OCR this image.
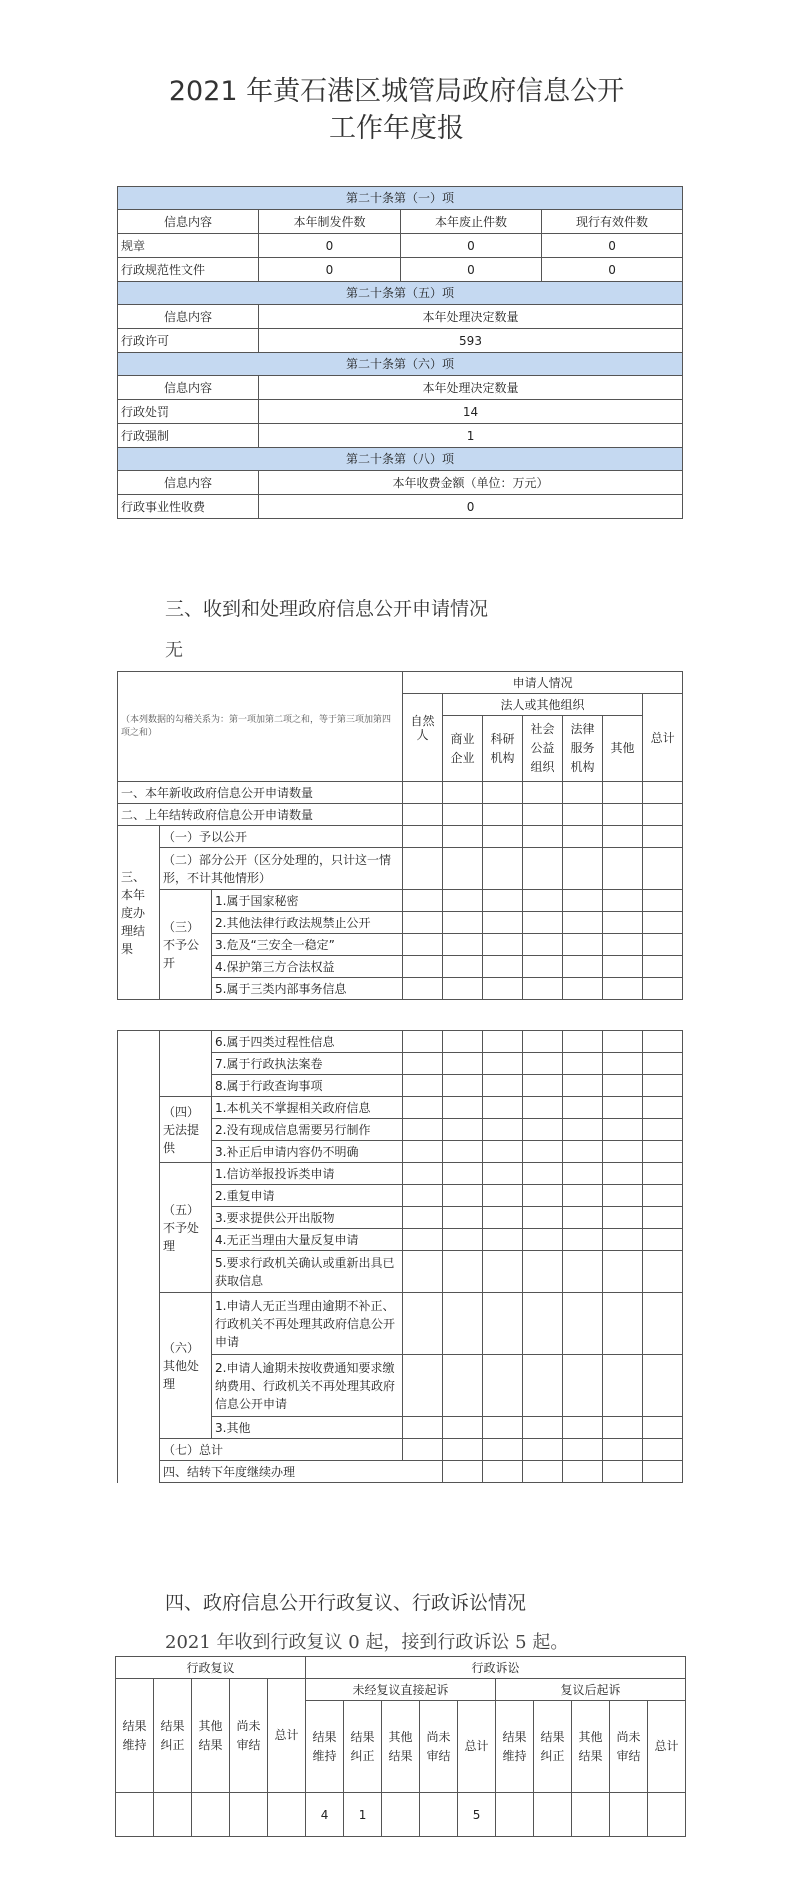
2021 年黄石港区城管局政府信息公开
工作年度报
第二十条第（一）项			
信息内容	本年制发件数	本年废止件数	现行有效件数
规章	0	0	0
行政规范性文件	0	0	0
第二十条第（五）项			
信息内容	本年处理决定数量		
行政许可	593		
第二十条第（六）项			
信息内容	本年处理决定数量		
行政处罚	14		
行政强制	1		
第二十条第（八）项			
信息内容	本年收费金额（单位：万元）		
行政事业性收费	0		
三、收到和处理政府信息公开申请情况
无
（本列数据的勾稽关系为：第一项加第二项之和，等于第三项加第四项之和）			申请人情况						
			自然人	法人或其他组织					总计
				商业企业	科研机构	社会公益组织	法律服务机构	其他	
一、本年新收政府信息公开申请数量									
二、上年结转政府信息公开申请数量									
三、本年度办理结果	（一）予以公开								
	（二）部分公开（区分处理的，只计这一情形，不计其他情形）								
	（三）不予公开	1.属于国家秘密							
		2.其他法律行政法规禁止公开							
		3.危及“三安全一稳定”							
		4.保护第三方合法权益							
		5.属于三类内部事务信息							
		6.属于四类过程性信息								
		7.属于行政执法案卷								
		8.属于行政查询事项								
	（四）无法提供	1.本机关不掌握相关政府信息								
		2.没有现成信息需要另行制作								
		3.补正后申请内容仍不明确								
	（五）不予处理	1.信访举报投诉类申请								
		2.重复申请								
		3.要求提供公开出版物								
		4.无正当理由大量反复申请								
		5.要求行政机关确认或重新出具已获取信息								
	（六）其他处理	1.申请人无正当理由逾期不补正、行政机关不再处理其政府信息公开申请								
		2.申请人逾期未按收费通知要求缴纳费用、行政机关不再处理其政府信息公开申请								
		3.其他								
	（七）总计									
	四、结转下年度继续办理									
四、政府信息公开行政复议、行政诉讼情况
2021 年收到行政复议 0 起，接到行政诉讼 5 起。
行政复议					行政诉讼									
结果维持	结果纠正	其他结果	尚未审结	总计	未经复议直接起诉					复议后起诉				
					结果维持	结果纠正	其他结果	尚未审结	总计	结果维持	结果纠正	其他结果	尚未审结	总计
					4	1			5					
